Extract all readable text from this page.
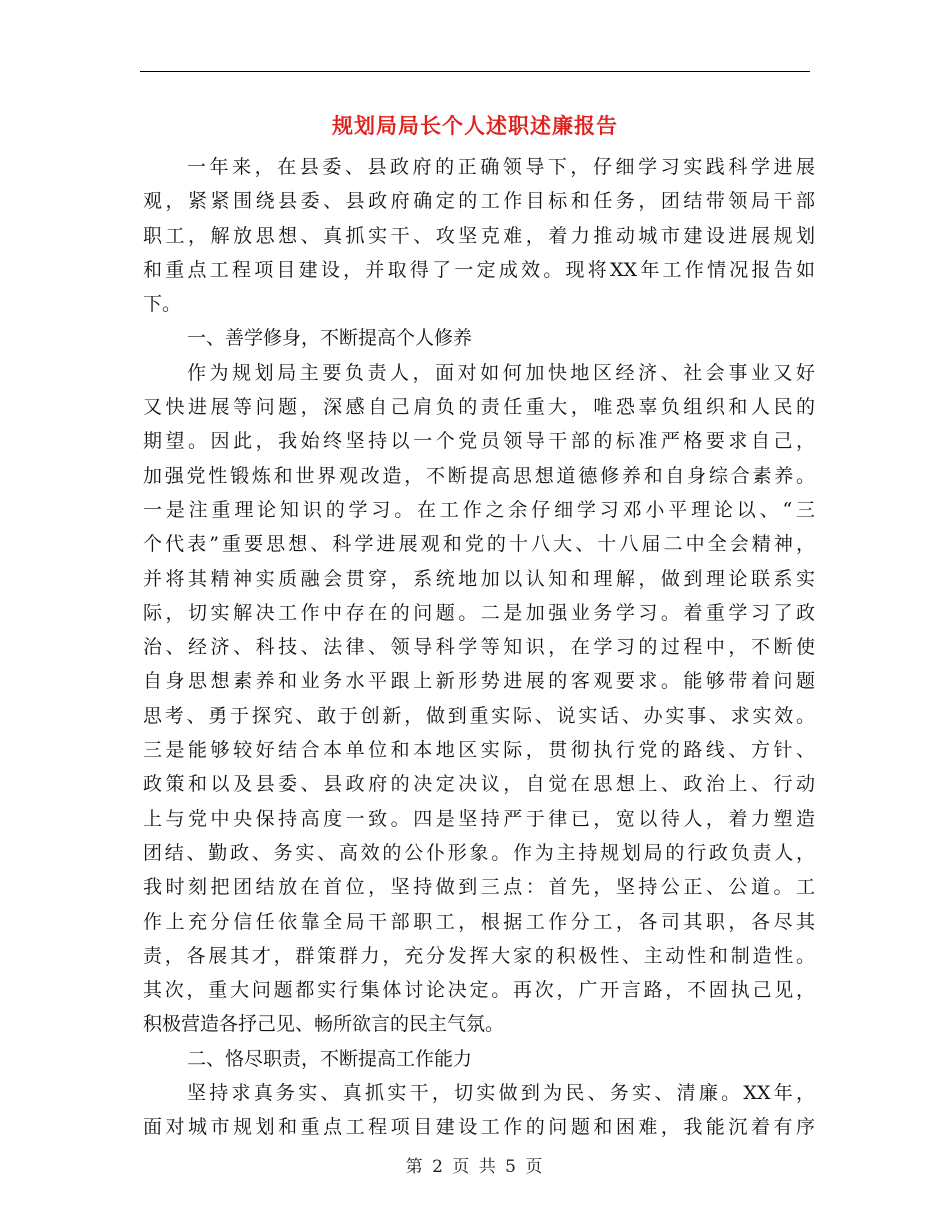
规划局局长个人述职述廉报告
一年来，在县委、县政府的正确领导下，仔细学习实践科学进展
观，紧紧围绕县委、县政府确定的工作目标和任务，团结带领局干部
职工，解放思想、真抓实干、攻坚克难，着力推动城市建设进展规划
和重点工程项目建设，并取得了一定成效。现将XX年工作情况报告如
下。
一、善学修身，不断提高个人修养
作为规划局主要负责人，面对如何加快地区经济、社会事业又好
又快进展等问题，深感自己肩负的责任重大，唯恐辜负组织和人民的
期望。因此，我始终坚持以一个党员领导干部的标准严格要求自己，
加强党性锻炼和世界观改造，不断提高思想道德修养和自身综合素养。
一是注重理论知识的学习。在工作之余仔细学习邓小平理论以、“三
个代表”重要思想、科学进展观和党的十八大、十八届二中全会精神，
并将其精神实质融会贯穿，系统地加以认知和理解，做到理论联系实
际，切实解决工作中存在的问题。二是加强业务学习。着重学习了政
治、经济、科技、法律、领导科学等知识，在学习的过程中，不断使
自身思想素养和业务水平跟上新形势进展的客观要求。能够带着问题
思考、勇于探究、敢于创新，做到重实际、说实话、办实事、求实效。
三是能够较好结合本单位和本地区实际，贯彻执行党的路线、方针、
政策和以及县委、县政府的决定决议，自觉在思想上、政治上、行动
上与党中央保持高度一致。四是坚持严于律已，宽以待人，着力塑造
团结、勤政、务实、高效的公仆形象。作为主持规划局的行政负责人，
我时刻把团结放在首位，坚持做到三点：首先，坚持公正、公道。工
作上充分信任依靠全局干部职工，根据工作分工，各司其职，各尽其
责，各展其才，群策群力，充分发挥大家的积极性、主动性和制造性。
其次，重大问题都实行集体讨论决定。再次，广开言路，不固执己见，
积极营造各抒己见、畅所欲言的民主气氛。
二、恪尽职责，不断提高工作能力
坚持求真务实、真抓实干，切实做到为民、务实、清廉。XX年，
面对城市规划和重点工程项目建设工作的问题和困难，我能沉着有序
第 2 页 共 5 页
